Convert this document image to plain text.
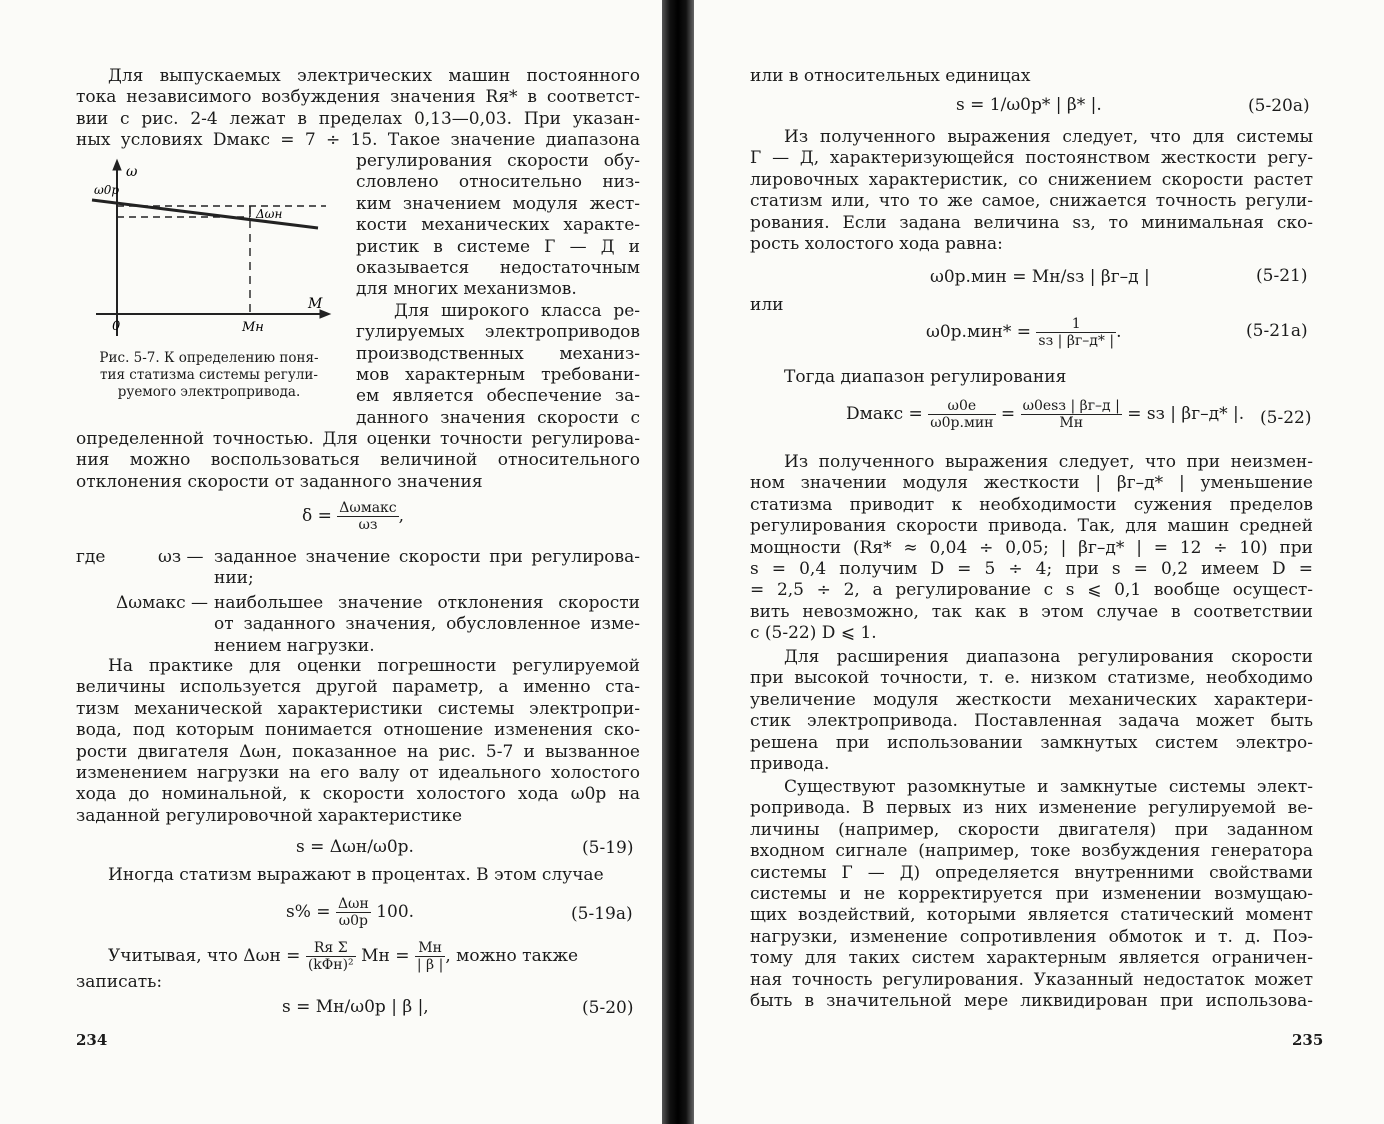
Для выпускаемых электрических машин постоянного
тока независимого возбуждения значения Rя* в соответст-
вии с рис. 2-4 лежат в пределах 0,13—0,03. При указан-
ных условиях Dмакс = 7 ÷ 15. Такое значение диапазона
ω
ω0р
Δωн
M
0	Mн
Рис. 5-7. К определению поня-
тия статизма системы регули-
руемого электропривода.
регулирования скорости обу-
словлено относительно низ-
ким значением модуля жест-
кости механических характе-
ристик в системе Г — Д и
оказывается недостаточным
для многих механизмов.
Для широкого класса ре-
гулируемых электроприводов
производственных механиз-
мов характерным требовани-
ем является обеспечение за-
данного значения скорости с
определенной точностью. Для оценки точности регулирова-
ния можно воспользоваться величиной относительного
отклонения скорости от заданного значения
$\delta = \frac{\text{Δωмакс}}{\omega з}$ ,
где	ωз — заданное значение скорости при регулирова-
нии;
Δωмакс — наибольшее значение отклонения скорости
от заданного значения, обусловленное изме-
нением нагрузки.
На практике для оценки погрешности регулируемой
величины используется другой параметр, а именно ста-
тизм механической характеристики системы электропри-
вода, под которым понимается отношение изменения ско-
рости двигателя Δωн, показанное на рис. 5-7 и вызванное
изменением нагрузки на его валу от идеального холостого
хода до номинальной, к скорости холостого хода ω0р на
заданной регулировочной характеристике
s = Δωн/ω0р.	(5-19)
Иногда статизм выражают в процентах. В этом случае
$s\% = \frac{\text{Δωн}}{\omega 0р} 100$.	(5-19а)
Учитывая, что $\Delta\omega н = \frac{\text{Rя Σ}}{\text{(kΦн)²}}$ Mн = $\frac{Mн}{| \beta |}$ , можно также
записать:
s = Mн/ω0р | β |,	(5-20)
234
или в относительных единицах
s = 1/ω0р* | β* |.	(5-20а)
Из полученного выражения следует, что для системы
Г — Д, характеризующейся постоянством жесткости регу-
лировочных характеристик, со снижением скорости растет
статизм или, что то же самое, снижается точность регули-
рования. Если задана величина sз, то минимальная ско-
рость холостого хода равна:
ω0р.мин = Mн/sз | βг–д |	(5-21)
или
$\omega 0р.мин* = \frac{1}{sз | \beta г-д* |}$ .	(5-21а)
Тогда диапазон регулирования
Dмакс = $\frac{\omega 0е}{\text{ω0р.мин}} = \frac{\text{ω0еsз | βг–д |}}{Mн}$ = sз | βг–д* |. (5-22)
Из полученного выражения следует, что при неизмен-
ном значении модуля жесткости | βг–д* | уменьшение
статизма приводит к необходимости сужения пределов
регулирования скорости привода. Так, для машин средней
мощности (Rя* ≈ 0,04 ÷ 0,05; | βг–д* | = 12 ÷ 10) при
s = 0,4 получим D = 5 ÷ 4; при s = 0,2 имеем D =
= 2,5 ÷ 2, а регулирование с s ⩽ 0,1 вообще осущест-
вить невозможно, так как в этом случае в соответствии
с (5-22) D ⩽ 1.
Для расширения диапазона регулирования скорости
при высокой точности, т. е. низком статизме, необходимо
увеличение модуля жесткости механических характери-
стик электропривода. Поставленная задача может быть
решена при использовании замкнутых систем электро-
привода.
Существуют разомкнутые и замкнутые системы элект-
ропривода. В первых из них изменение регулируемой ве-
личины (например, скорости двигателя) при заданном
входном сигнале (например, токе возбуждения генератора
системы Г — Д) определяется внутренними свойствами
системы и не корректируется при изменении возмущаю-
щих воздействий, которыми является статический момент
нагрузки, изменение сопротивления обмоток и т. д. Поэ-
тому для таких систем характерным является ограничен-
ная точность регулирования. Указанный недостаток может
быть в значительной мере ликвидирован при использова-
235
